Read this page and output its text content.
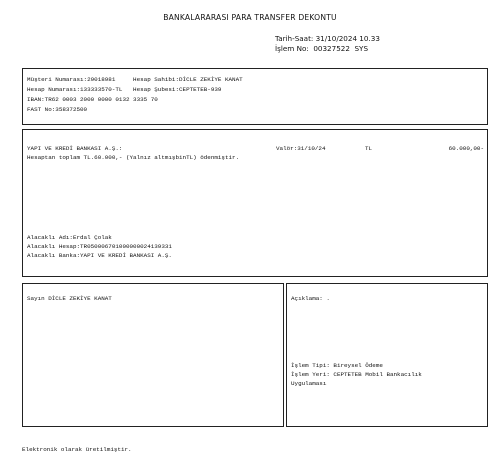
BANKALARARASI PARA TRANSFER DEKONTU
Tarih-Saat: 31/10/2024 10.33
İşlem No:  00327522  SYS
Müşteri Numarası:29018981     Hesap Sahibi:DİCLE ZEKİYE KANAT
Hesap Numarası:133333570-TL   Hesap Şubesi:CEPTETEB-939
IBAN:TR62 0003 2000 0000 0132 3335 70
FAST No:358372500
YAPI VE KREDİ BANKASI A.Ş.:	Valör:31/10/24	TL	60.000,00-
Hesaptan toplam TL.60.000,- (Yalnız altmışbinTL) ödenmiştir.
Alacaklı Adı:Erdal Çolak
Alacaklı Hesap:TR050006701000000024139331
Alacaklı Banka:YAPI VE KREDİ BANKASI A.Ş.
Sayın DİCLE ZEKİYE KANAT	Açıklama: .
İşlem Tipi: Bireysel Ödeme
İşlem Yeri: CEPTETEB Mobil Bankacılık
Uygulaması
Elektronik olarak üretilmiştir.
